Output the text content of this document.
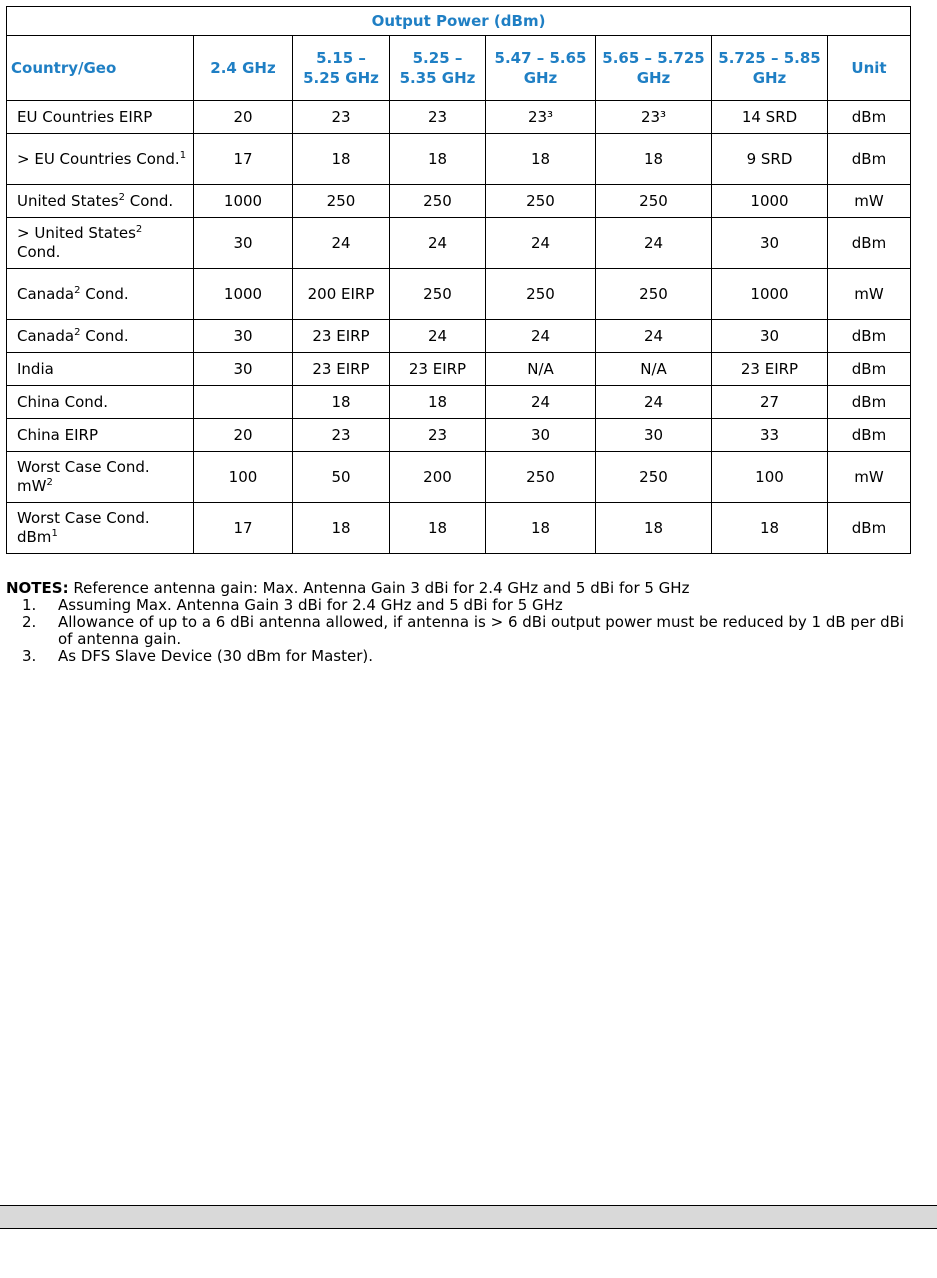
Output Power (dBm)							
Country/Geo	2.4 GHz	5.15 – 5.25 GHz	5.25 – 5.35 GHz	5.47 – 5.65 GHz	5.65 – 5.725 GHz	5.725 – 5.85 GHz	Unit
EU Countries EIRP	20	23	23	23³	23³	14 SRD	dBm
> EU Countries Cond.$^1$	17	18	18	18	18	9 SRD	dBm
United States$^2$ Cond.	1000	250	250	250	250	1000	mW
> United States$^2$ Cond.	30	24	24	24	24	30	dBm
Canada$^2$ Cond.	1000	200 EIRP	250	250	250	1000	mW
Canada$^2$ Cond.	30	23 EIRP	24	24	24	30	dBm
India	30	23 EIRP	23 EIRP	N/A	N/A	23 EIRP	dBm
China Cond.		18	18	24	24	27	dBm
China EIRP	20	23	23	30	30	33	dBm
Worst Case Cond. $mW^2$	100	50	200	250	250	100	mW
Worst Case Cond. dBm$^1$	17	18	18	18	18	18	dBm
NOTES: Reference antenna gain: Max. Antenna Gain 3 dBi for 2.4 GHz and 5 dBi for 5 GHz
1.	Assuming Max. Antenna Gain 3 dBi for 2.4 GHz and 5 dBi for 5 GHz
2.	Allowance of up to a 6 dBi antenna allowed, if antenna is > 6 dBi output power must be reduced by 1 dB per dBi of antenna gain.
3.	As DFS Slave Device (30 dBm for Master).
